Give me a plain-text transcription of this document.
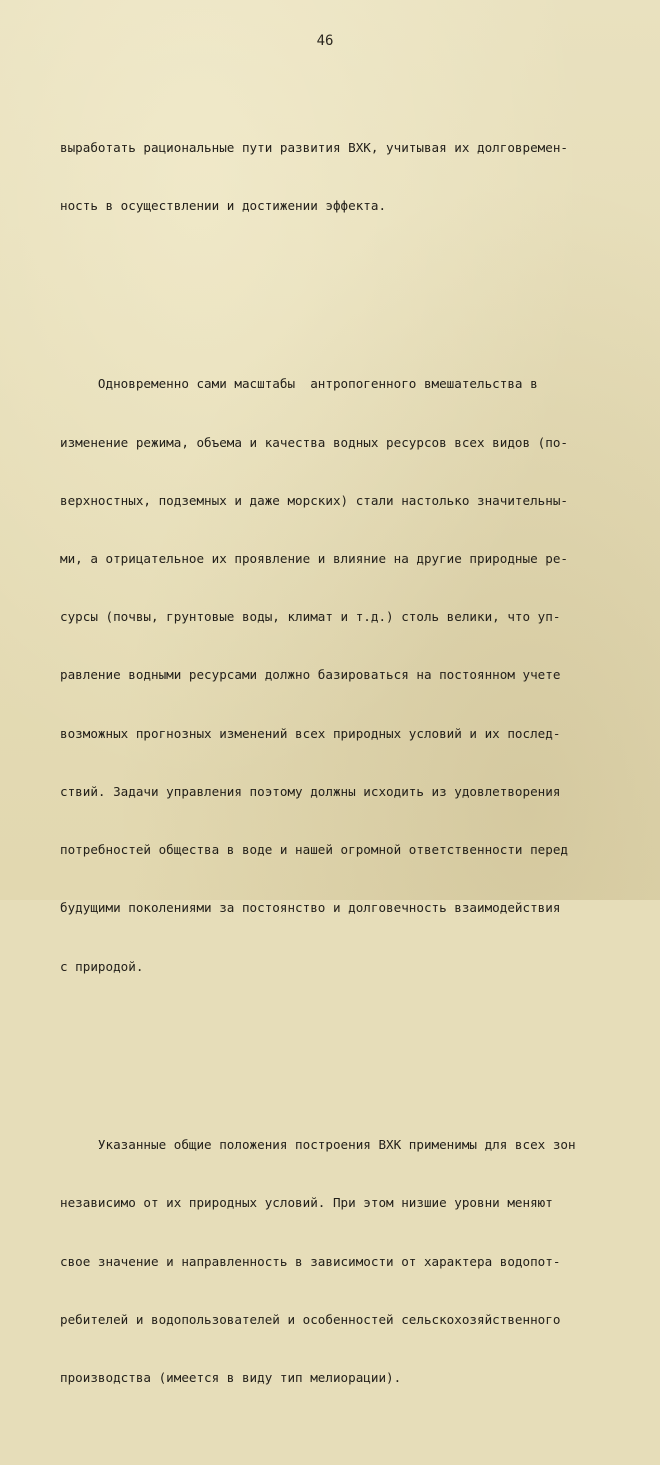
46

выработать рациональные пути развития ВХК, учитывая их долговремен-

ность в осуществлении и достижении эффекта.

Одновременно сами масштабы  антропогенного вмешательства в

изменение режима, объема и качества водных ресурсов всех видов (по-

верхностных, подземных и даже морских) стали настолько значительны-

ми, а отрицательное их проявление и влияние на другие природные ре-

сурсы (почвы, грунтовые воды, климат и т.д.) столь велики, что уп-

равление водными ресурсами должно базироваться на постоянном учете

возможных прогнозных изменений всех природных условий и их послед-

ствий. Задачи управления поэтому должны исходить из удовлетворения

потребностей общества в воде и нашей огромной ответственности перед

будущими поколениями за постоянство и долговечность взаимодействия

с природой.

Указанные общие положения построения ВХК применимы для всех зон

независимо от их природных условий. При этом низшие уровни меняют

свое значение и направленность в зависимости от характера водопот-

ребителей и водопользователей и особенностей сельскохозяйственного

производства (имеется в виду тип мелиорации).
